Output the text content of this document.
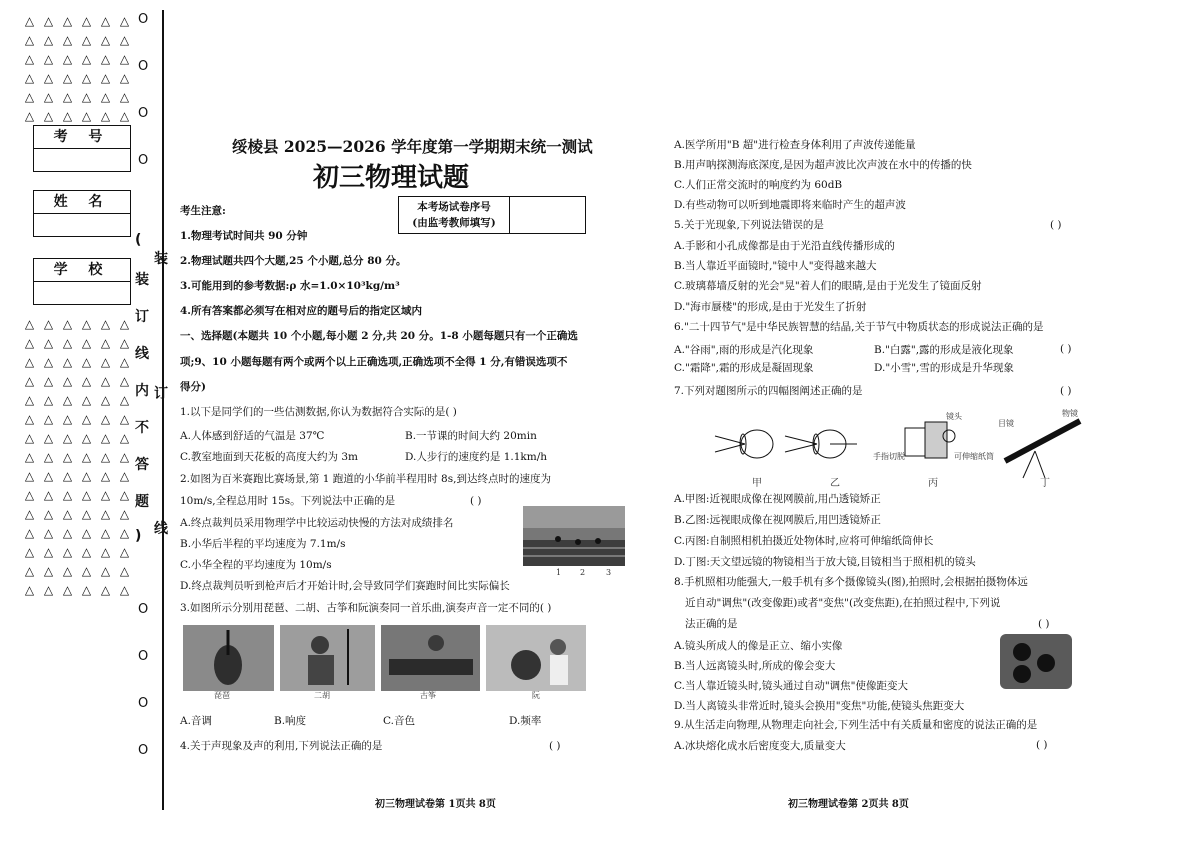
△ △ △ △ △ △
△ △ △ △ △ △
△ △ △ △ △ △
△ △ △ △ △ △
△ △ △ △ △ △
△ △ △ △ △ △
△ △ △ △ △ △
△ △ △ △ △ △
△ △ △ △ △ △
△ △ △ △ △ △
△ △ △ △ △ △
△ △ △ △ △ △
△ △ △ △ △ △
△ △ △ △ △ △
△ △ △ △ △ △
△ △ △ △ △ △
△ △ △ △ △ △
△ △ △ △ △ △
△ △ △ △ △ △
△ △ △ △ △ △
△ △ △ △ △ △
O
O
O
O
O
O
O
O
考 号
姓 名
学 校
(
装
订
线
内
不
答
题
)
装
订
线
绥棱县 2025—2026 学年度第一学期期末统一测试
初三物理试题
考生注意:	本考场试卷序号
(由监考教师填写)
1.物理考试时间共 90 分钟
2.物理试题共四个大题,25 个小题,总分 80 分。
3.可能用到的参考数据:ρ 水=1.0×10³kg/m³
4.所有答案都必须写在相对应的题号后的指定区域内
一、选择题(本题共 10 个小题,每小题 2 分,共 20 分。1-8 小题每题只有一个正确选
项;9、10 小题每题有两个或两个以上正确选项,正确选项不全得 1 分,有错误选项不
得分)
1.以下是同学们的一些估测数据,你认为数据符合实际的是( )
A.人体感到舒适的气温是 37℃	B.一节课的时间大约 20min
C.教室地面到天花板的高度大约为 3m	D.人步行的速度约是 1.1km/h
2.如图为百米赛跑比赛场景,第 1 跑道的小华前半程用时 8s,到达终点时的速度为
10m/s,全程总用时 15s。下列说法中正确的是	( )
A.终点裁判员采用物理学中比较运动快慢的方法对成绩排名
B.小华后半程的平均速度为 7.1m/s
C.小华全程的平均速度为 10m/s
D.终点裁判员听到枪声后才开始计时,会导致同学们赛跑时间比实际偏长
1 2	3
3.如图所示分别用琵琶、二胡、古筝和阮演奏同一首乐曲,演奏声音一定不同的( )
琵琶	二胡	古筝	阮
A.音调	B.响度	C.音色	D.频率
4.关于声现象及声的利用,下列说法正确的是	( )
初三物理试卷第 1页共 8页
A.医学所用"B 超"进行检查身体利用了声波传递能量
B.用声呐探测海底深度,是因为超声波比次声波在水中的传播的快
C.人们正常交流时的响度约为 60dB
D.有些动物可以听到地震即将来临时产生的超声波
5.关于光现象,下列说法错误的是	( )
A.手影和小孔成像都是由于光沿直线传播形成的
B.当人靠近平面镜时,"镜中人"变得越来越大
C.玻璃幕墙反射的光会"晃"着人们的眼睛,是由于光发生了镜面反射
D."海市蜃楼"的形成,是由于光发生了折射
6."二十四节气"是中华民族智慧的结晶,关于节气中物质状态的形成说法正确的是
A."谷雨",雨的形成是汽化现象	B."白露",露的形成是液化现象	( )
C."霜降",霜的形成是凝固现象	D."小雪",雪的形成是升华现象
7.下列对题图所示的四幅图阐述正确的是	( )
甲	乙	丙	丁
镜头
手指切脱	可伸缩纸筒
目镜
物镜
A.甲图:近视眼成像在视网膜前,用凸透镜矫正
B.乙图:远视眼成像在视网膜后,用凹透镜矫正
C.丙图:自制照相机拍摄近处物体时,应将可伸缩纸筒伸长
D.丁图:天文望远镜的物镜相当于放大镜,目镜相当于照相机的镜头
8.手机照相功能强大,一般手机有多个摄像镜头(图),拍照时,会根据拍摄物体远
近自动"调焦"(改变像距)或者"变焦"(改变焦距),在拍照过程中,下列说
法正确的是	( )
A.镜头所成人的像是正立、缩小实像
B.当人远离镜头时,所成的像会变大
C.当人靠近镜头时,镜头通过自动"调焦"使像距变大
D.当人离镜头非常近时,镜头会换用"变焦"功能,使镜头焦距变大
9.从生活走向物理,从物理走向社会,下列生活中有关质量和密度的说法正确的是
A.冰块熔化成水后密度变大,质量变大	( )
初三物理试卷第 2页共 8页
